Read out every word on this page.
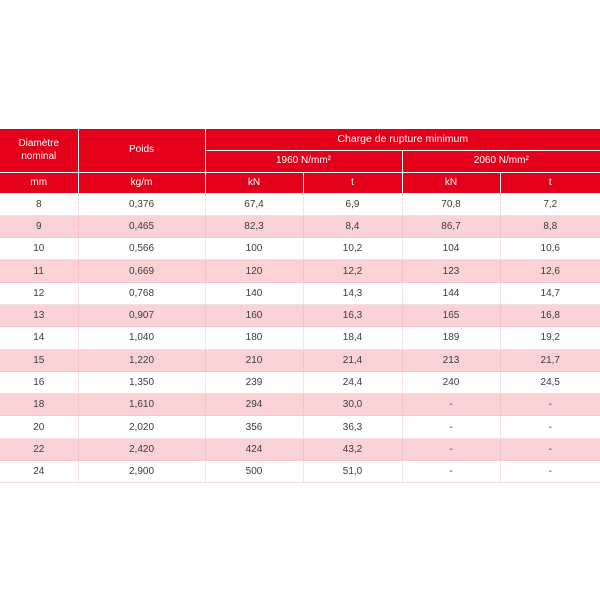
Diamètre nominal	Poids	Charge de rupture minimum			
		1960 N/mm²		2060 N/mm²	
mm	kg/m	kN	t	kN	t
8	0,376	67,4	6,9	70,8	7,2
9	0,465	82,3	8,4	86,7	8,8
10	0,566	100	10,2	104	10,6
11	0,669	120	12,2	123	12,6
12	0,768	140	14,3	144	14,7
13	0,907	160	16,3	165	16,8
14	1,040	180	18,4	189	19,2
15	1,220	210	21,4	213	21,7
16	1,350	239	24,4	240	24,5
18	1,610	294	30,0	-	-
20	2,020	356	36,3	-	-
22	2,420	424	43,2	-	-
24	2,900	500	51,0	-	-
